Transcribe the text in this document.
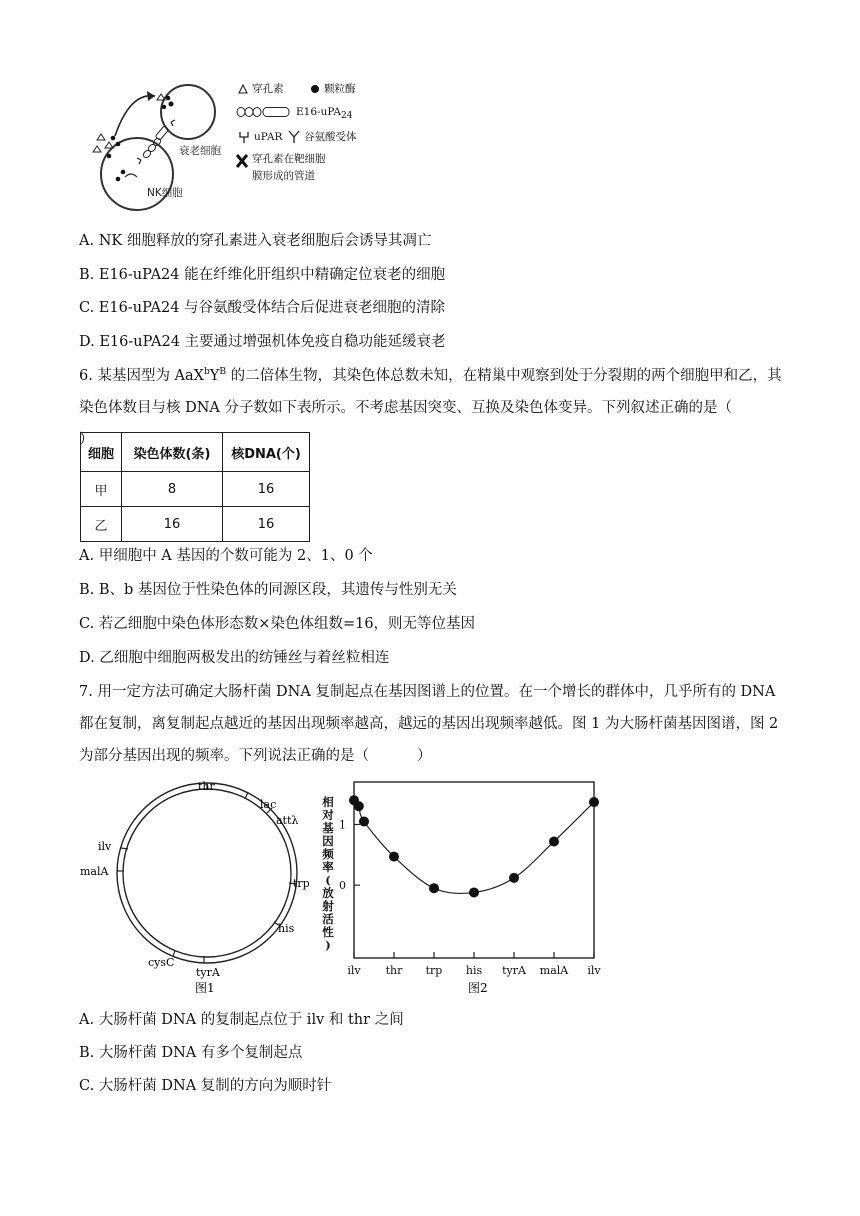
衰老细胞
NK细胞
穿孔素	颗粒酶
E16-uPA$_{24}$
uPAR 谷氨酸受体
穿孔素在靶细胞
膜形成的管道
A. NK 细胞释放的穿孔素进入衰老细胞后会诱导其凋亡
B. E16-uPA24 能在纤维化肝组织中精确定位衰老的细胞
C. E16-uPA24 与谷氨酸受体结合后促进衰老细胞的清除
D. E16-uPA24 主要通过增强机体免疫自稳功能延缓衰老
6. 某基因型为 $AaX^bY^B$ 的二倍体生物，其染色体总数未知，在精巢中观察到处于分裂期的两个细胞甲和乙，其染色体数目与核 DNA 分子数如下表所示。不考虑基因突变、互换及染色体变异。下列叙述正确的是（）
细胞	染色体数(条)	核DNA(个)
甲	8	16
乙	16	16
A. 甲细胞中 A 基因的个数可能为 2、1、0 个
B. B、b 基因位于性染色体的同源区段，其遗传与性别无关
C. 若乙细胞中染色体形态数×染色体组数=16，则无等位基因
D. 乙细胞中细胞两极发出的纺锤丝与着丝粒相连
7. 用一定方法可确定大肠杆菌 DNA 复制起点在基因图谱上的位置。在一个增长的群体中，几乎所有的 DNA 都在复制，离复制起点越近的基因出现频率越高，越远的基因出现频率越低。图 1 为大肠杆菌基因图谱，图 2 为部分基因出现的频率。下列说法正确的是（	）
thr
lac
attλ
trp
his
tyrA
cysC
malA
ilv
图1	图2
ilv thr trp his tyrA malA ilv
0
1
相
对
基
因
频
率
(
放
射
活
性
)
A. 大肠杆菌 DNA 的复制起点位于 ilv 和 thr 之间
B. 大肠杆菌 DNA 有多个复制起点
C. 大肠杆菌 DNA 复制的方向为顺时针
